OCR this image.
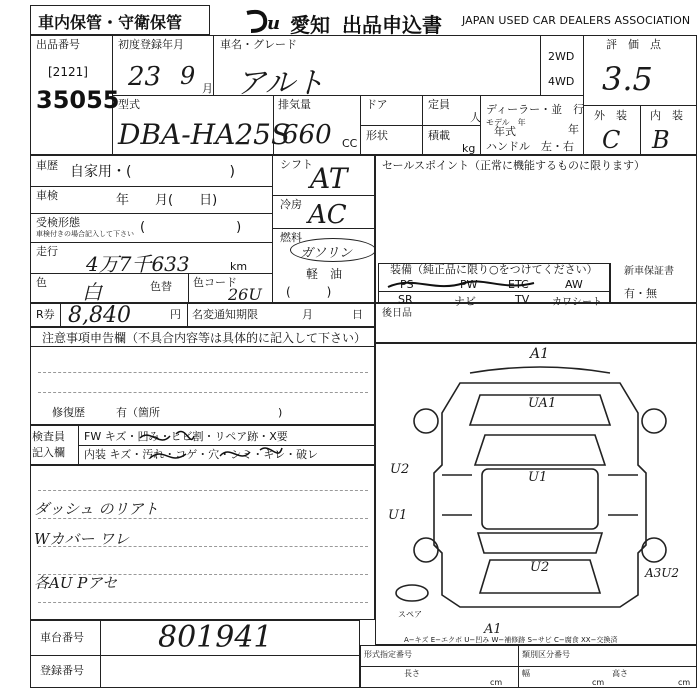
車内保管・守衛保管	u 愛知 出品申込書 JAPAN USED CAR DEALERS ASSOCIATION
出品番号
[2121]
35055
初度登録年月
23 9 月
車名・グレード
アルト
2WD
4WD
評　価　点
3.5
外　装 内　装
C B
型式
DBA-HA25S
排気量
660 CC
ドア
形状
定員
人
積載
kg
ディーラー・並　行
モデル　年
年式	年
ハンドル　左・右
車歴 自家用・(　　　　　　　)
車検	年　　月(　　日)
受検形態
車検付きの場合記入して下さい (　　　　　　　)
走行
4万7千633	km
色 白	色替 色コード
26U
シフト
AT
冷房 AC
燃料
ガソリン
軽　油
(　　　)
セールスポイント（正常に機能するものに限ります）
装備（純正品に限り○をつけてください）
PS	PW	ETC	AW
SR	ナビ	TV カワシート
新車保証書
有・無
R券 8,840	円 名変通知期限	月	日 後日品
注意事項申告欄（不具合内容等は具体的に記入して下さい）
修復歴	有（箇所	)
検査員
記入欄
FW キズ・凹み・ヒビ割・リペア跡・X要
内装 キズ・汚れ・コゲ・穴・シミ・キレ・破レ
ダッシュ のリアト
Wカバー ワレ
各AU Pアセ
A1
UA1
U2
U1
U1
U2	A3U2
A1
スペア
A−キズ E−エクボ U−凹み W−補修跡 S−サビ C−腐食 XX−交換済
車台番号 801941
登録番号
形式指定番号	類別区分番号
長さ
cm
幅
cm
高さ
cm
